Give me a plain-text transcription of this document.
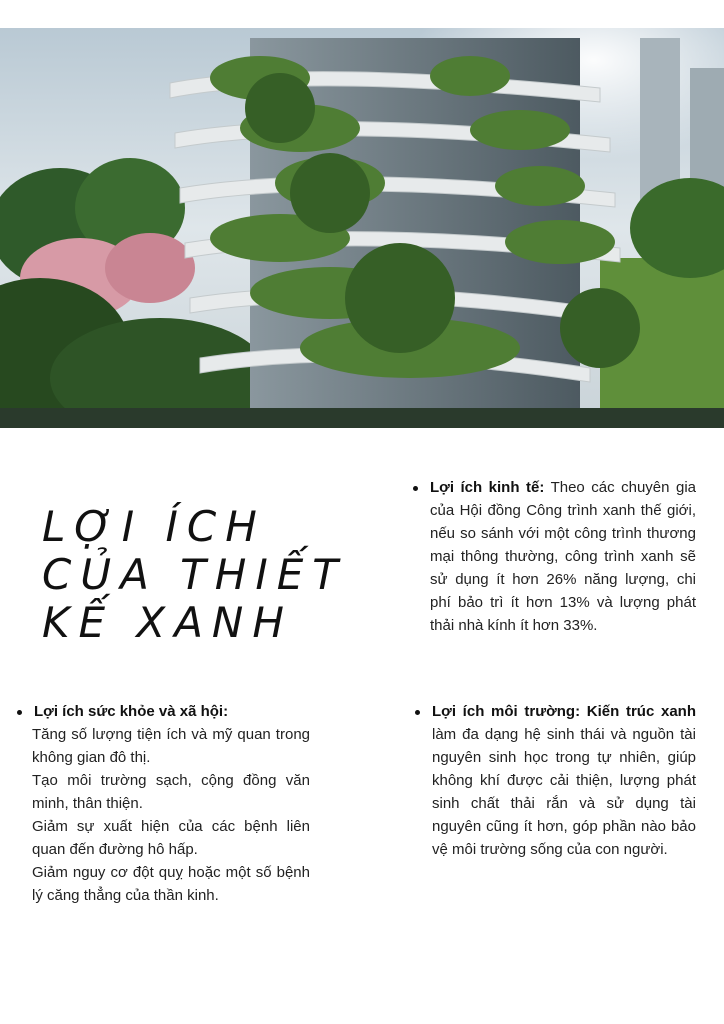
LỢI ÍCH
CỦA THIẾT
KẾ XANH

Lợi ích kinh tế: Theo các chuyên gia của Hội đồng Công trình xanh thế giới, nếu so sánh với một công trình thương mại thông thường, công trình xanh sẽ sử dụng ít hơn 26% năng lượng, chi phí bảo trì ít hơn 13% và lượng phát thải nhà kính ít hơn 33%.

Lợi ích môi trường: Kiến trúc xanh làm đa dạng hệ sinh thái và nguồn tài nguyên sinh học trong tự nhiên, giúp không khí được cải thiện, lượng phát sinh chất thải rắn và sử dụng tài nguyên cũng ít hơn, góp phần nào bảo vệ môi trường sống của con người.

Lợi ích sức khỏe và xã hội:

Tăng số lượng tiện ích và mỹ quan trong không gian đô thị.

Tạo môi trường sạch, cộng đồng văn minh, thân thiện.

Giảm sự xuất hiện của các bệnh liên quan đến đường hô hấp.

Giảm nguy cơ đột quỵ hoặc một số bệnh lý căng thẳng của thần kinh.
